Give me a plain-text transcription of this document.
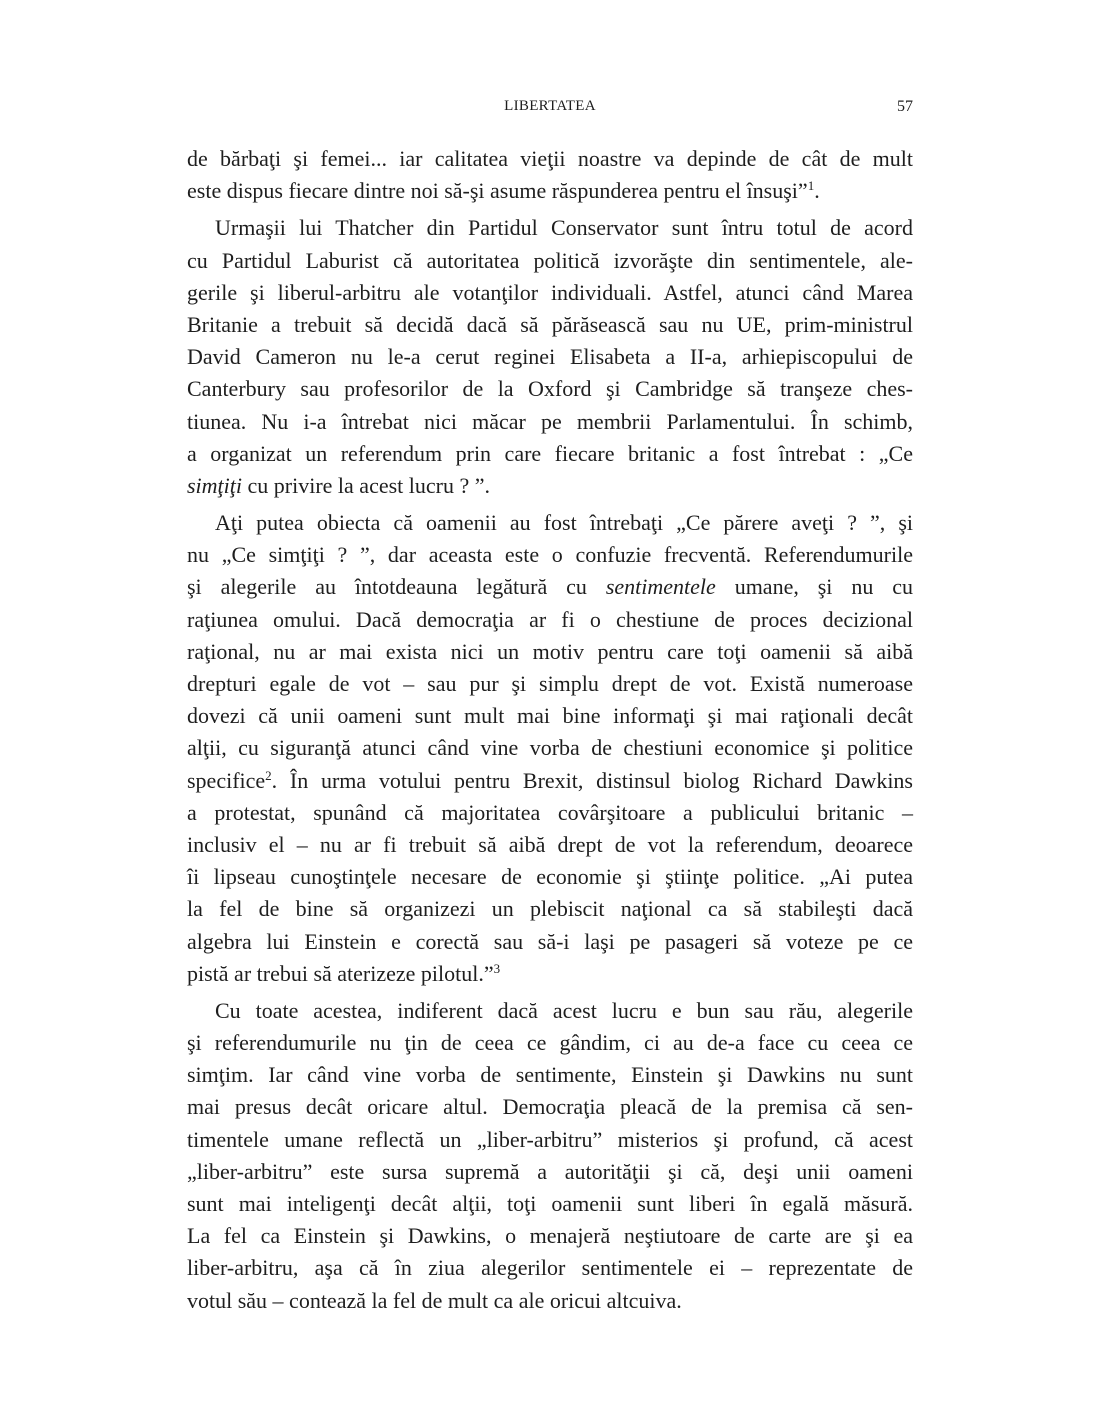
LIBERTATEA	57
de bărbaţi şi femei... iar calitatea vieţii noastre va depinde de cât de mult
este dispus fiecare dintre noi să-şi asume răspunderea pentru el însuşi”$^1$.
Urmaşii lui Thatcher din Partidul Conservator sunt întru totul de acord
cu Partidul Laburist că autoritatea politică izvorăşte din sentimentele, ale-
gerile şi liberul-arbitru ale votanţilor individuali. Astfel, atunci când Marea
Britanie a trebuit să decidă dacă să părăsească sau nu UE, prim-ministrul
David Cameron nu le-a cerut reginei Elisabeta a II-a, arhiepiscopului de
Canterbury sau profesorilor de la Oxford şi Cambridge să tranşeze ches-
tiunea. Nu i-a întrebat nici măcar pe membrii Parlamentului. În schimb,
a organizat un referendum prin care fiecare britanic a fost întrebat : „Ce
simţiţi cu privire la acest lucru ? ”.
Aţi putea obiecta că oamenii au fost întrebaţi „Ce părere aveţi ? ”, şi
nu „Ce simţiţi ? ”, dar aceasta este o confuzie frecventă. Referendumurile
şi alegerile au întotdeauna legătură cu sentimentele umane, şi nu cu
raţiunea omului. Dacă democraţia ar fi o chestiune de proces decizional
raţional, nu ar mai exista nici un motiv pentru care toţi oamenii să aibă
drepturi egale de vot – sau pur şi simplu drept de vot. Există numeroase
dovezi că unii oameni sunt mult mai bine informaţi şi mai raţionali decât
alţii, cu siguranţă atunci când vine vorba de chestiuni economice şi politice
specifice$^2$. În urma votului pentru Brexit, distinsul biolog Richard Dawkins
a protestat, spunând că majoritatea covârşitoare a publicului britanic –
inclusiv el – nu ar fi trebuit să aibă drept de vot la referendum, deoarece
îi lipseau cunoştinţele necesare de economie şi ştiinţe politice. „Ai putea
la fel de bine să organizezi un plebiscit naţional ca să stabileşti dacă
algebra lui Einstein e corectă sau să-i laşi pe pasageri să voteze pe ce
pistă ar trebui să aterizeze pilotul.”$^3$
Cu toate acestea, indiferent dacă acest lucru e bun sau rău, alegerile
şi referendumurile nu ţin de ceea ce gândim, ci au de-a face cu ceea ce
simţim. Iar când vine vorba de sentimente, Einstein şi Dawkins nu sunt
mai presus decât oricare altul. Democraţia pleacă de la premisa că sen-
timentele umane reflectă un „liber-arbitru” misterios şi profund, că acest
„liber-arbitru” este sursa supremă a autorităţii şi că, deşi unii oameni
sunt mai inteligenţi decât alţii, toţi oamenii sunt liberi în egală măsură.
La fel ca Einstein şi Dawkins, o menajeră neştiutoare de carte are şi ea
liber-arbitru, aşa că în ziua alegerilor sentimentele ei – reprezentate de
votul său – contează la fel de mult ca ale oricui altcuiva.
